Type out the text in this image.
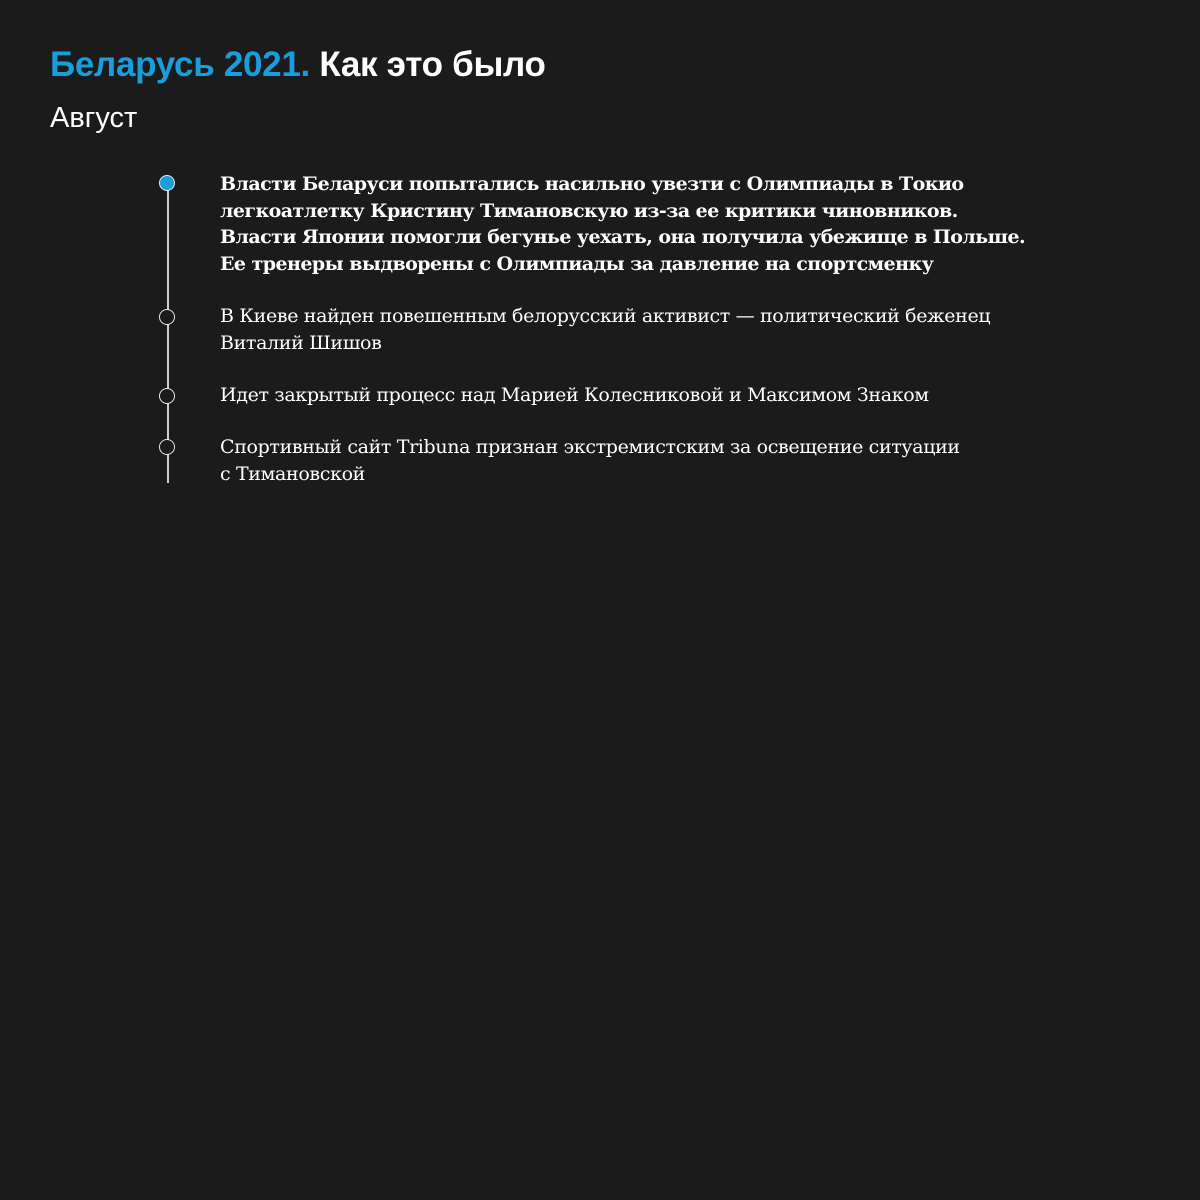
Беларусь 2021. Как это было
Август

Власти Беларуси попытались насильно увезти с Олимпиады в Токио
легкоатлетку Кристину Тимановскую из-за ее критики чиновников.
Власти Японии помогли бегунье уехать, она получила убежище в Польше.
Ее тренеры выдворены с Олимпиады за давление на спортсменку

В Киеве найден повешенным белорусский активист — политический беженец
Виталий Шишов

Идет закрытый процесс над Марией Колесниковой и Максимом Знаком

Спортивный сайт Tribuna признан экстремистским за освещение ситуации
с Тимановской
